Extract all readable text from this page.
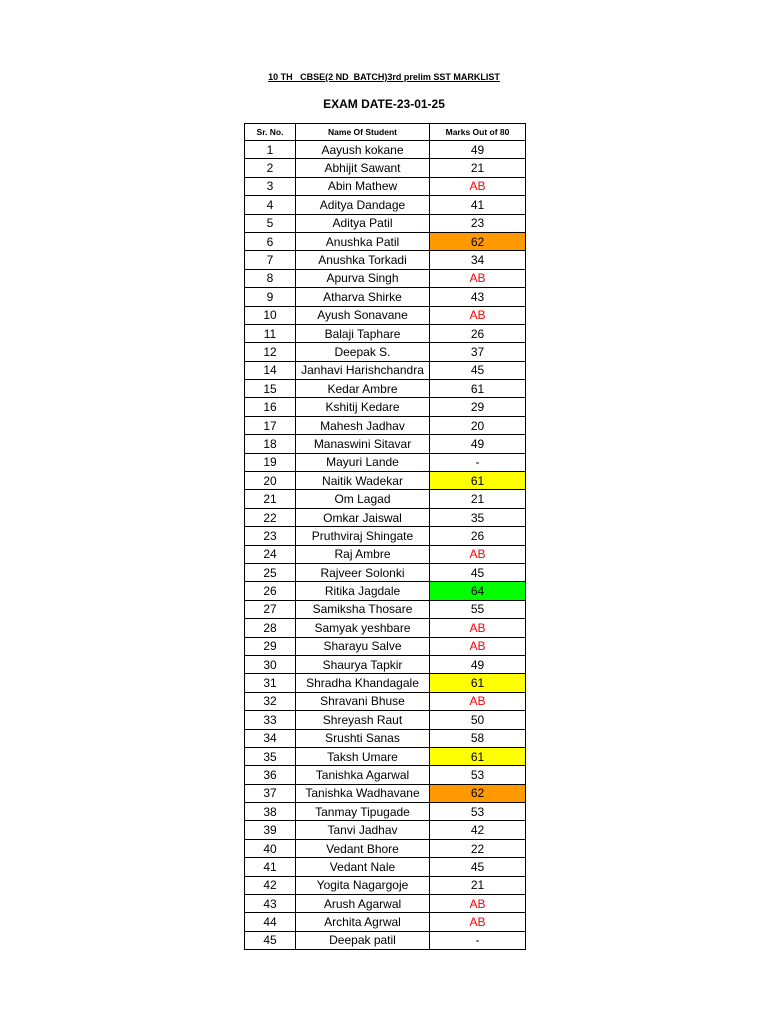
10 TH   CBSE(2 ND  BATCH)3rd prelim SST MARKLIST
EXAM DATE-23-01-25
Sr. No.	Name Of Student	Marks Out of 80
1	Aayush kokane	49
2	Abhijit Sawant	21
3	Abin Mathew	AB
4	Aditya Dandage	41
5	Aditya Patil	23
6	Anushka Patil	62
7	Anushka Torkadi	34
8	Apurva Singh	AB
9	Atharva Shirke	43
10	Ayush Sonavane	AB
11	Balaji Taphare	26
12	Deepak S.	37
14	Janhavi Harishchandra	45
15	Kedar Ambre	61
16	Kshitij Kedare	29
17	Mahesh Jadhav	20
18	Manaswini Sitavar	49
19	Mayuri Lande	-
20	Naitik Wadekar	61
21	Om Lagad	21
22	Omkar Jaiswal	35
23	Pruthviraj Shingate	26
24	Raj Ambre	AB
25	Rajveer Solonki	45
26	Ritika Jagdale	64
27	Samiksha Thosare	55
28	Samyak yeshbare	AB
29	Sharayu Salve	AB
30	Shaurya Tapkir	49
31	Shradha Khandagale	61
32	Shravani Bhuse	AB
33	Shreyash Raut	50
34	Srushti Sanas	58
35	Taksh Umare	61
36	Tanishka Agarwal	53
37	Tanishka Wadhavane	62
38	Tanmay Tipugade	53
39	Tanvi Jadhav	42
40	Vedant Bhore	22
41	Vedant Nale	45
42	Yogita Nagargoje	21
43	Arush Agarwal	AB
44	Archita Agrwal	AB
45	Deepak patil	-
